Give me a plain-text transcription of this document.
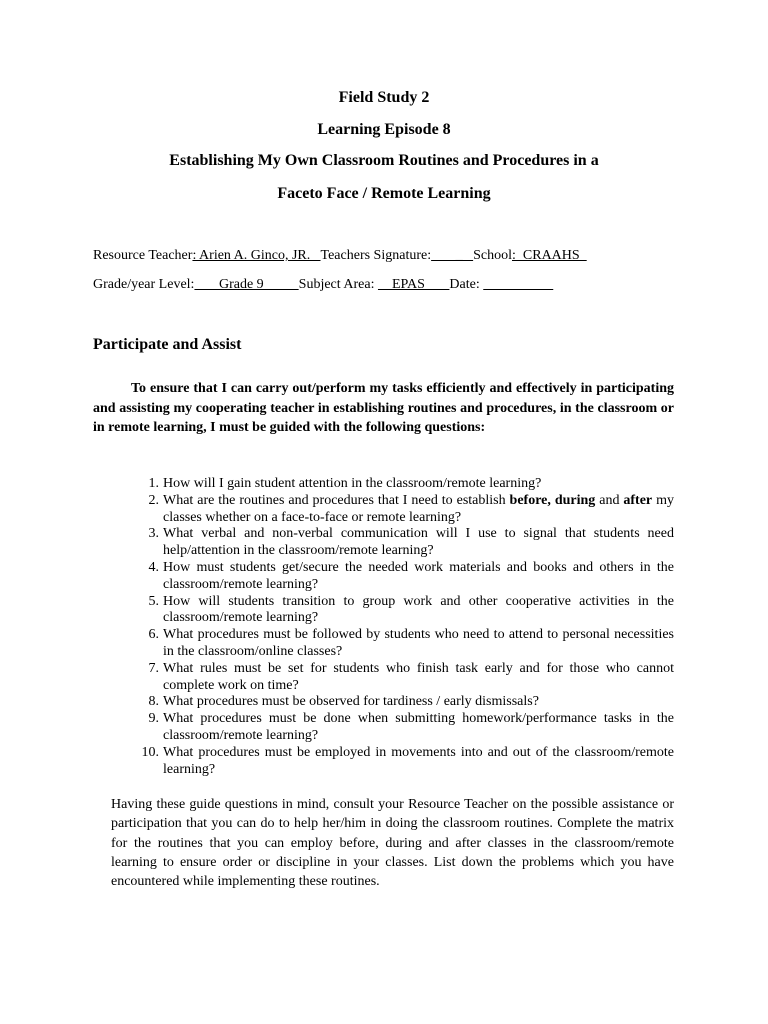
Field Study 2
Learning Episode 8
Establishing My Own Classroom Routines and Procedures in a
Faceto Face / Remote Learning
Resource Teacher: Arien A. Ginco, JR.   Teachers Signature:       _   School:  CRAAHS
Grade/year Level:       Grade 9          Subject Area:     EPAS       Date:
Participate and Assist
To ensure that I can carry out/perform my tasks efficiently and effectively in participating and assisting my cooperating teacher in establishing routines and procedures, in the classroom or in remote learning, I must be guided with the following questions:
1. How will I gain student attention in the classroom/remote learning?
2. What are the routines and procedures that I need to establish before, during and after my classes whether on a face-to-face or remote learning?
3. What verbal and non-verbal communication will I use to signal that students need help/attention in the classroom/remote learning?
4. How must students get/secure the needed work materials and books and others in the classroom/remote learning?
5. How will students transition to group work and other cooperative activities in the classroom/remote learning?
6. What procedures must be followed by students who need to attend to personal necessities in the classroom/online classes?
7. What rules must be set for students who finish task early and for those who cannot complete work on time?
8. What procedures must be observed for tardiness / early dismissals?
9. What procedures must be done when submitting homework/performance tasks in the classroom/remote learning?
10. What procedures must be employed in movements into and out of the classroom/remote learning?
Having these guide questions in mind, consult your Resource Teacher on the possible assistance or participation that you can do to help her/him in doing the classroom routines. Complete the matrix for the routines that you can employ before, during and after classes in the classroom/remote learning to ensure order or discipline in your classes. List down the problems which you have encountered while implementing these routines.
